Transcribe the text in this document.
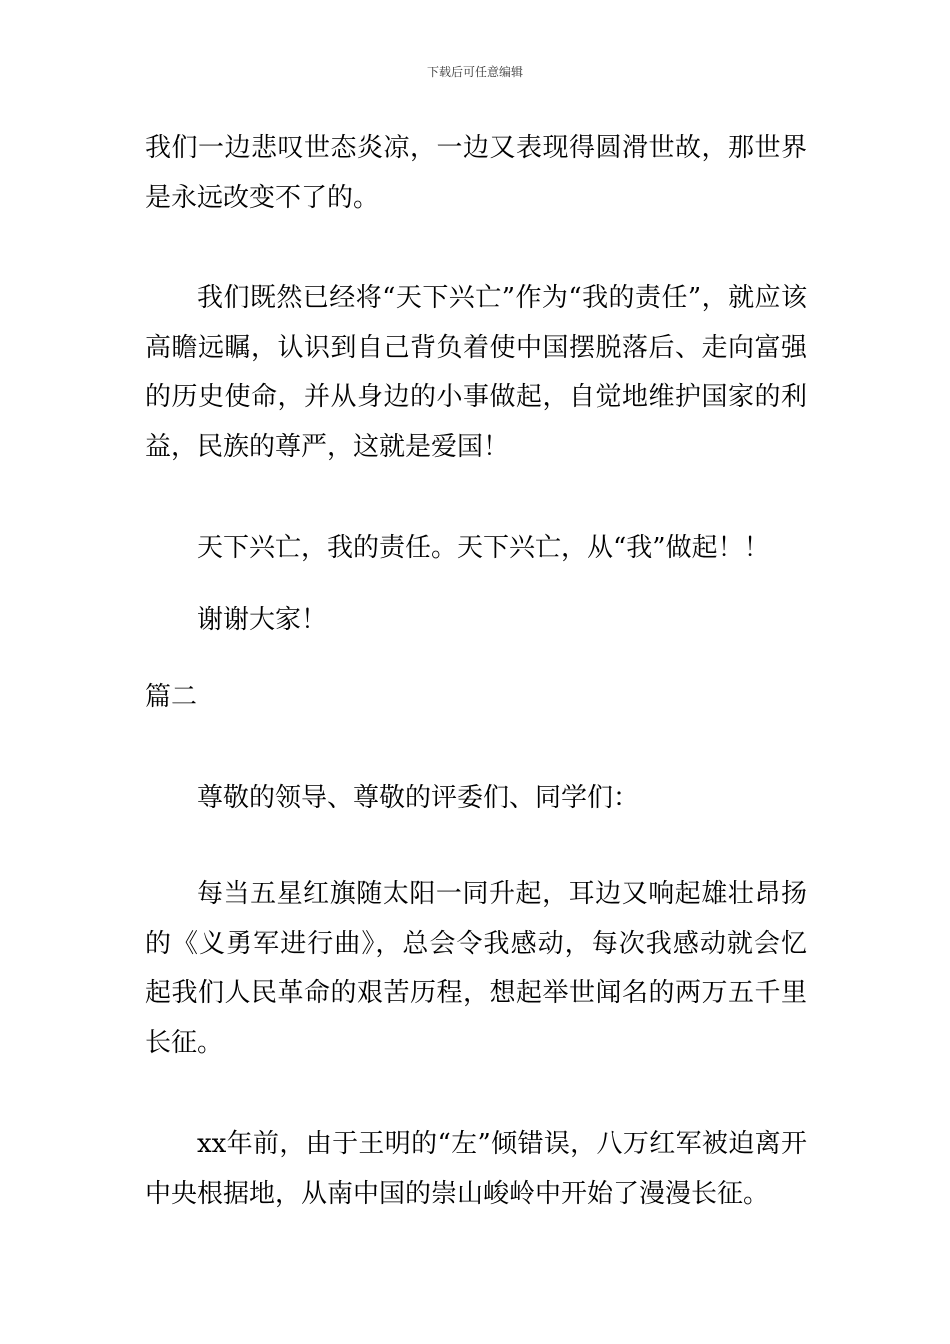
下载后可任意编辑

我们一边悲叹世态炎凉，一边又表现得圆滑世故，那世界是永远改变不了的。

我们既然已经将“天下兴亡”作为“我的责任”，就应该高瞻远瞩，认识到自己背负着使中国摆脱落后、走向富强的历史使命，并从身边的小事做起，自觉地维护国家的利益，民族的尊严，这就是爱国！

天下兴亡，我的责任。天下兴亡，从“我”做起！！

谢谢大家！

篇二

尊敬的领导、尊敬的评委们、同学们：

每当五星红旗随太阳一同升起，耳边又响起雄壮昂扬的《义勇军进行曲》，总会令我感动，每次我感动就会忆起我们人民革命的艰苦历程，想起举世闻名的两万五千里长征。

xx年前，由于王明的“左”倾错误，八万红军被迫离开中央根据地，从南中国的崇山峻岭中开始了漫漫长征。
